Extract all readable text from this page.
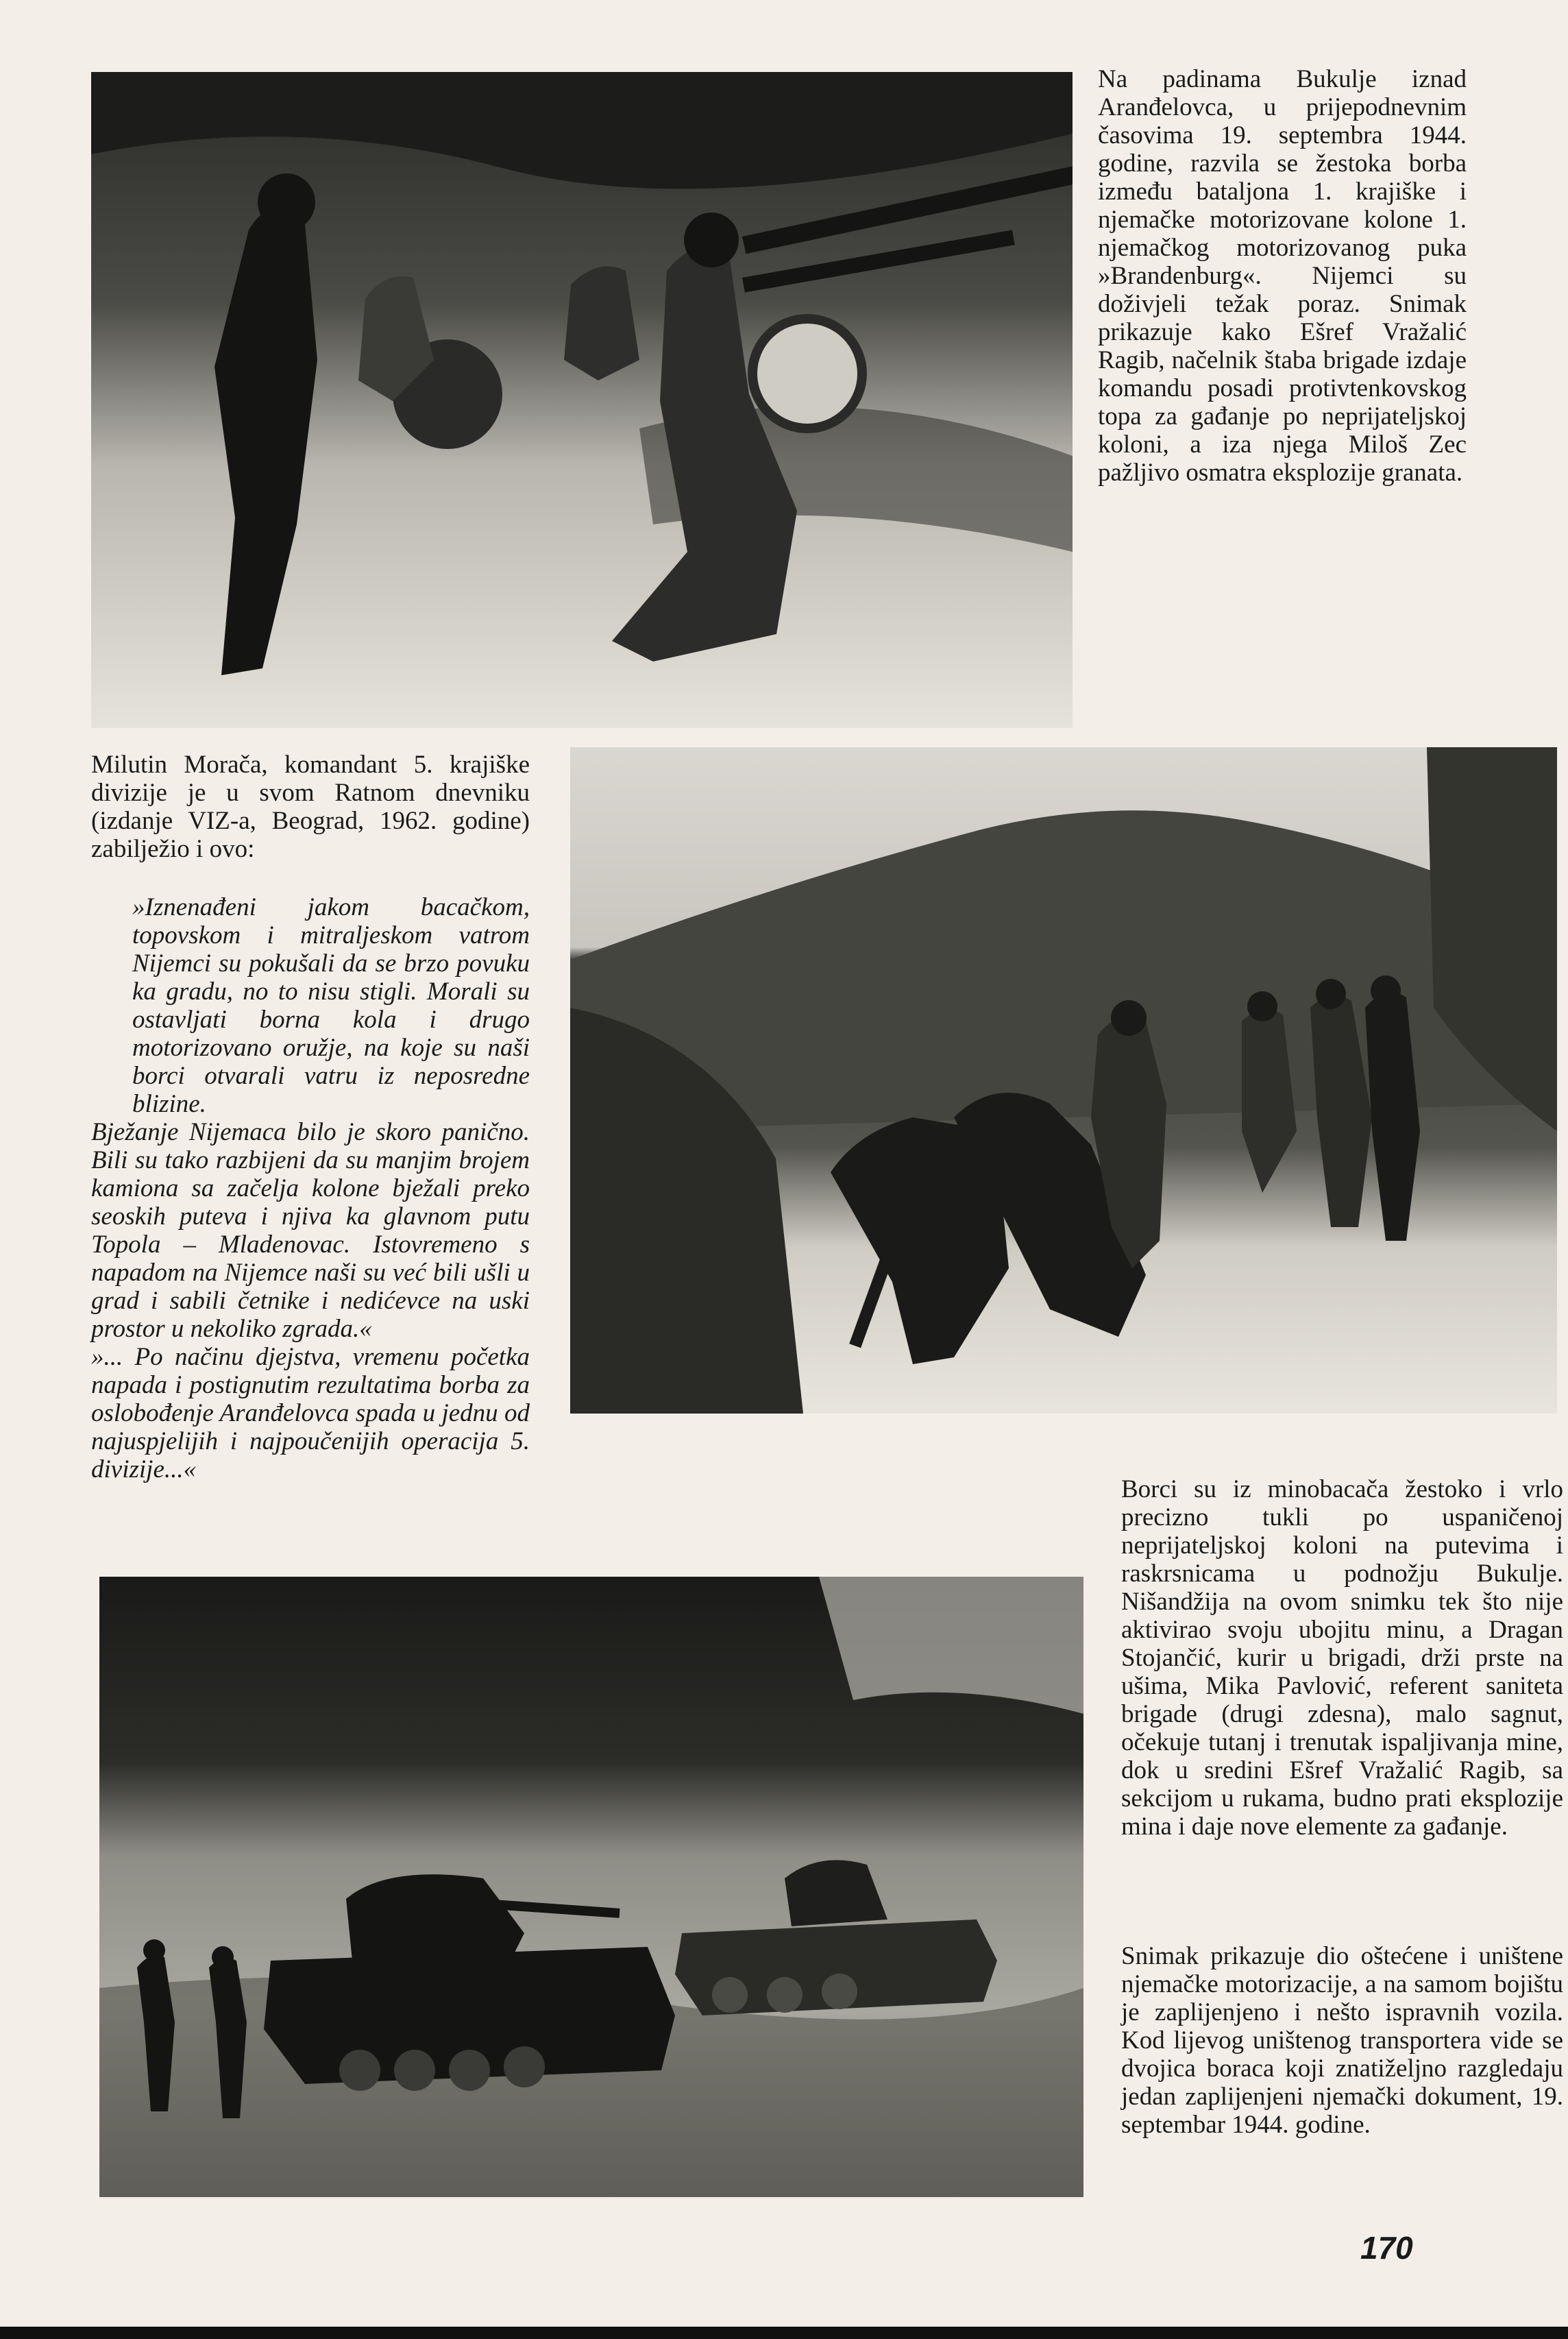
Na padinama Bukulje iznad Aranđelovca, u prijepodnevnim časovima 19. septembra 1944. godine, razvila se žestoka borba između bataljona 1. krajiške i njemačke motorizovane kolone 1. njemačkog motorizovanog puka »Brandenburg«. Nijemci su doživjeli težak poraz. Snimak prikazuje kako Ešref Vražalić Ragib, načelnik štaba brigade izdaje komandu posadi protivtenkovskog topa za gađanje po neprijateljskoj koloni, a iza njega Miloš Zec pažljivo osmatra eksplozije granata.

Milutin Morača, komandant 5. krajiške divizije je u svom Ratnom dnevniku (izdanje VIZ-a, Beograd, 1962. godine) zabilježio i ovo:

»Iznenađeni jakom bacačkom, topovskom i mitraljeskom vatrom Nijemci su pokušali da se brzo povuku ka gradu, no to nisu stigli. Morali su ostavljati borna kola i drugo motorizovano oružje, na koje su naši borci otvarali vatru iz neposredne blizine.

Bježanje Nijemaca bilo je skoro panično. Bili su tako razbijeni da su manjim brojem kamiona sa začelja kolone bježali preko seoskih puteva i njiva ka glavnom putu Topola – Mladenovac. Istovremeno s napadom na Nijemce naši su već bili ušli u grad i sabili četnike i nedićevce na uski prostor u nekoliko zgrada.«

»... Po načinu djejstva, vremenu početka napada i postignutim rezultatima borba za oslobođenje Aranđelovca spada u jednu od najuspjelijih i najpoučenijih operacija 5. divizije...«

Borci su iz minobacača žestoko i vrlo precizno tukli po uspaničenoj neprijateljskoj koloni na putevima i raskrsnicama u podnožju Bukulje. Nišandžija na ovom snimku tek što nije aktivirao svoju ubojitu minu, a Dragan Stojančić, kurir u brigadi, drži prste na ušima, Mika Pavlović, referent saniteta brigade (drugi zdesna), malo sagnut, očekuje tutanj i trenutak ispaljivanja mine, dok u sredini Ešref Vražalić Ragib, sa sekcijom u rukama, budno prati eksplozije mina i daje nove elemente za gađanje.

Snimak prikazuje dio oštećene i uništene njemačke motorizacije, a na samom bojištu je zaplijenjeno i nešto ispravnih vozila. Kod lijevog uništenog transportera vide se dvojica boraca koji znatiželjno razgledaju jedan zaplijenjeni njemački dokument, 19. septembar 1944. godine.

170
